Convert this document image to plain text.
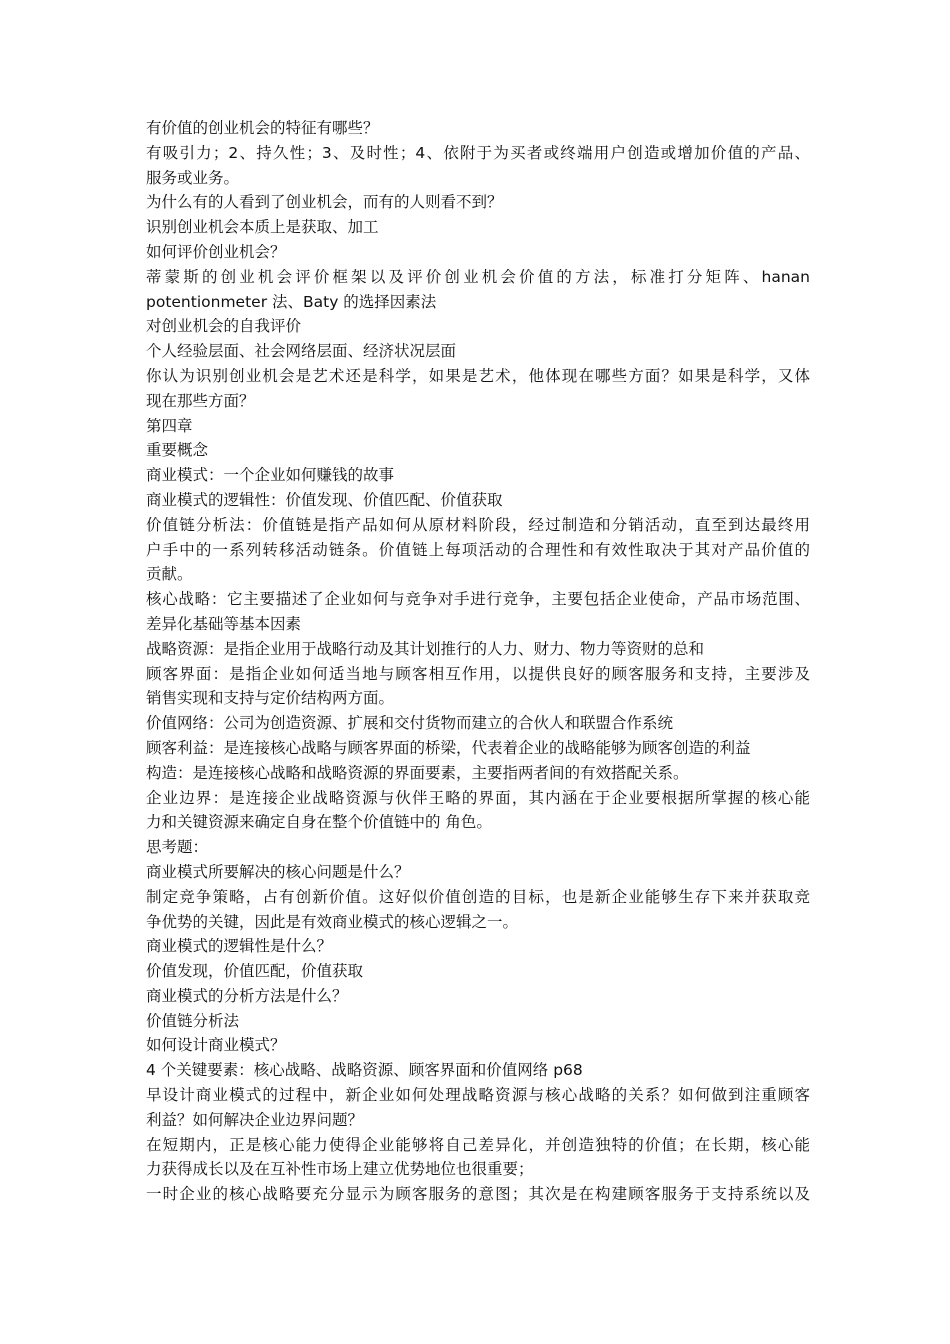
有价值的创业机会的特征有哪些？
有吸引力；2、持久性；3、及时性；4、依附于为买者或终端用户创造或增加价值的产品、
服务或业务。
为什么有的人看到了创业机会，而有的人则看不到？
识别创业机会本质上是获取、加工
如何评价创业机会？
蒂蒙斯的创业机会评价框架以及评价创业机会价值的方法，标准打分矩阵、hanan
potentionmeter 法、Baty 的选择因素法
对创业机会的自我评价
个人经验层面、社会网络层面、经济状况层面
你认为识别创业机会是艺术还是科学，如果是艺术，他体现在哪些方面？如果是科学，又体
现在那些方面？
第四章
重要概念
商业模式：一个企业如何赚钱的故事
商业模式的逻辑性：价值发现、价值匹配、价值获取
价值链分析法：价值链是指产品如何从原材料阶段，经过制造和分销活动，直至到达最终用
户手中的一系列转移活动链条。价值链上每项活动的合理性和有效性取决于其对产品价值的
贡献。
核心战略：它主要描述了企业如何与竞争对手进行竞争，主要包括企业使命，产品市场范围、
差异化基础等基本因素
战略资源：是指企业用于战略行动及其计划推行的人力、财力、物力等资财的总和
顾客界面：是指企业如何适当地与顾客相互作用，以提供良好的顾客服务和支持，主要涉及
销售实现和支持与定价结构两方面。
价值网络：公司为创造资源、扩展和交付货物而建立的合伙人和联盟合作系统
顾客利益：是连接核心战略与顾客界面的桥梁，代表着企业的战略能够为顾客创造的利益
构造：是连接核心战略和战略资源的界面要素，主要指两者间的有效搭配关系。
企业边界：是连接企业战略资源与伙伴王略的界面，其内涵在于企业要根据所掌握的核心能
力和关键资源来确定自身在整个价值链中的 角色。
思考题：
商业模式所要解决的核心问题是什么？
制定竞争策略，占有创新价值。这好似价值创造的目标，也是新企业能够生存下来并获取竞
争优势的关键，因此是有效商业模式的核心逻辑之一。
商业模式的逻辑性是什么？
价值发现，价值匹配，价值获取
商业模式的分析方法是什么？
价值链分析法
如何设计商业模式？
4 个关键要素：核心战略、战略资源、顾客界面和价值网络 p68
早设计商业模式的过程中，新企业如何处理战略资源与核心战略的关系？如何做到注重顾客
利益？如何解决企业边界问题？
在短期内，正是核心能力使得企业能够将自己差异化，并创造独特的价值；在长期，核心能
力获得成长以及在互补性市场上建立优势地位也很重要；
一时企业的核心战略要充分显示为顾客服务的意图；其次是在构建顾客服务于支持系统以及
